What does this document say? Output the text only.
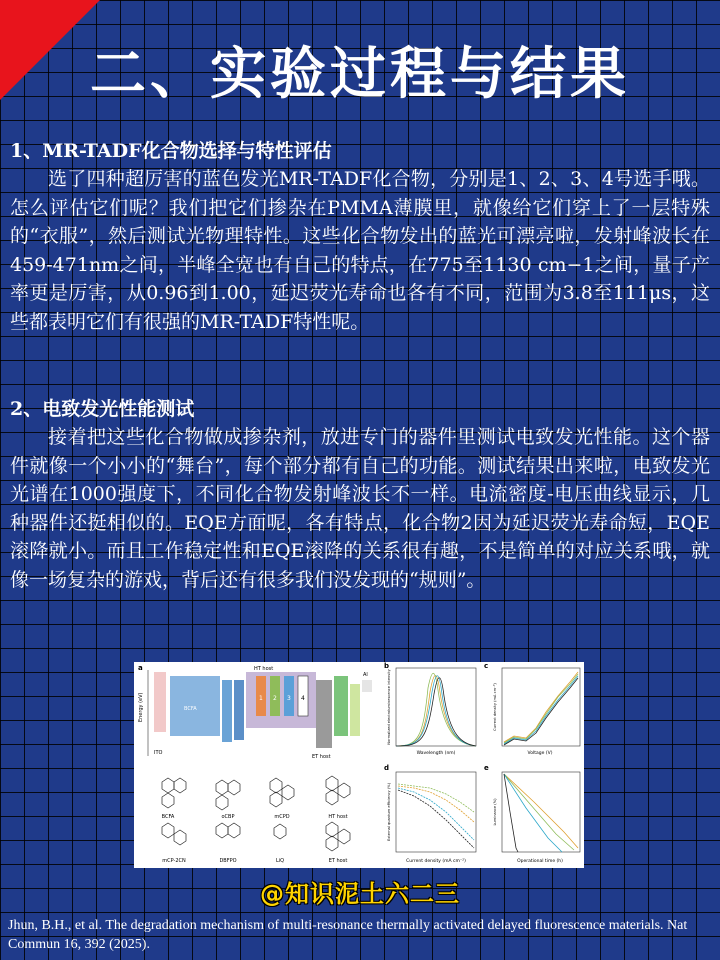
二、实验过程与结果
1、MR-TADF化合物选择与特性评估

选了四种超厉害的蓝色发光MR-TADF化合物，分别是1、2、3、4号选手哦。怎么评估它们呢？我们把它们掺杂在PMMA薄膜里，就像给它们穿上了一层特殊的“衣服”，然后测试光物理特性。这些化合物发出的蓝光可漂亮啦，发射峰波长在459-471nm之间，半峰全宽也有自己的特点，在775至1130 cm−1之间，量子产率更是厉害，从0.96到1.00，延迟荧光寿命也各有不同，范围为3.8至111μs，这些都表明它们有很强的MR-TADF特性呢。

2、电致发光性能测试

接着把这些化合物做成掺杂剂，放进专门的器件里测试电致发光性能。这个器件就像一个小小的“舞台”，每个部分都有自己的功能。测试结果出来啦，电致发光光谱在1000强度下，不同化合物发射峰波长不一样。电流密度-电压曲线显示，几种器件还挺相似的。EQE方面呢，各有特点，化合物2因为延迟荧光寿命短，EQE滚降就小。而且工作稳定性和EQE滚降的关系很有趣，不是简单的对应关系哦，就像一场复杂的游戏，背后还有很多我们没发现的“规则”。

a
Energy (eV)
ITO
BCFA
HT host
ET host
Al
1 2 3 4
BCFA	oCBP	mCPD	HT host
mCP-2CN	DBFPO	LiQ	ET host
b
Wavelength (nm)
Normalized electroluminescence intensity
c
Voltage (V)
Current density (mA cm⁻²)
d
Current density (mA cm⁻²)
External quantum efficiency (%)
e
Operational time (h)
Luminance (%)
@知识泥土六二三
Jhun, B.H., et al. The degradation mechanism of multi-resonance thermally activated delayed fluorescence materials. Nat Commun 16, 392 (2025).
